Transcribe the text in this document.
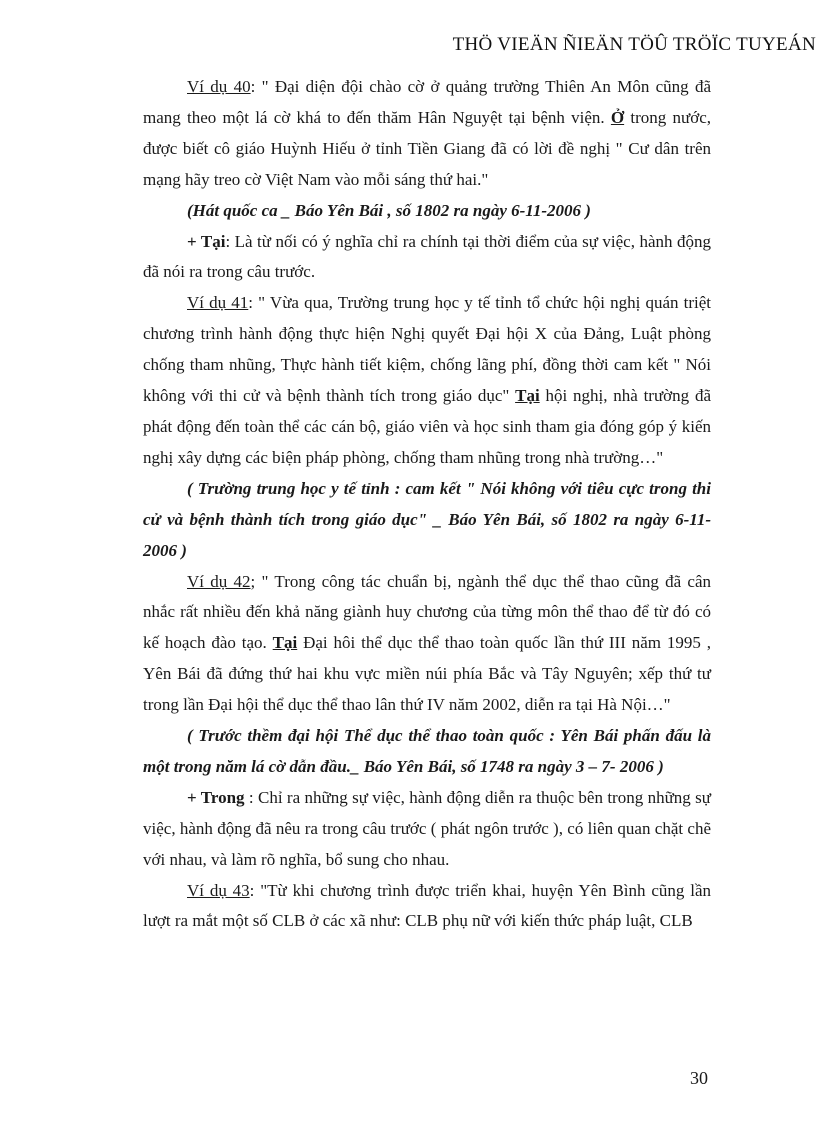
THÖ VIEÄN ÑIEÄN TÖÛ TRÖÏC TUYEÁN

Ví dụ 40: " Đại diện đội chào cờ ở quảng trường Thiên An Môn cũng đã mang theo một lá cờ khá to đến thăm Hân Nguyệt tại bệnh viện. Ở trong nước, được biết cô giáo Huỳnh Hiếu ở tỉnh Tiền Giang đã có lời đề nghị " Cư dân trên mạng hãy treo cờ Việt Nam vào mỗi sáng thứ hai."

(Hát quốc ca _ Báo Yên Bái , số 1802 ra ngày 6-11-2006 )

+ Tại: Là từ nối có ý nghĩa chỉ ra chính tại thời điểm của sự việc, hành động đã nói ra trong câu trước.

Ví dụ 41: " Vừa qua, Trường trung học y tế tỉnh tổ chức hội nghị quán triệt chương trình hành động thực hiện Nghị quyết Đại hội X của Đảng, Luật phòng chống tham nhũng, Thực hành tiết kiệm, chống lãng phí, đồng thời cam kết " Nói không với thi cử và bệnh thành tích trong giáo dục" Tại hội nghị, nhà trường đã phát động đến toàn thể các cán bộ, giáo viên và học sinh tham gia đóng góp ý kiến nghị xây dựng các biện pháp phòng, chống tham nhũng trong nhà trường…"

( Trường trung học y tế tỉnh : cam kết " Nói không với tiêu cực trong thi cử và bệnh thành tích trong giáo dục" _ Báo Yên Bái, số 1802 ra ngày 6-11-2006 )

Ví dụ 42; " Trong công tác chuẩn bị, ngành thể dục thể thao cũng đã cân nhắc rất nhiều đến khả năng giành huy chương của từng môn thể thao để từ đó có kế hoạch đào tạo. Tại Đại hôi thể dục thể thao toàn quốc lần thứ III năm 1995 , Yên Bái đã đứng thứ hai khu vực miền núi phía Bắc và Tây Nguyên; xếp thứ tư trong lần Đại hội thể dục thể thao lân thứ IV năm 2002, diễn ra tại Hà Nội…"

( Trước thềm đại hội Thể dục thể thao toàn quốc : Yên Bái phấn đấu là một trong năm lá cờ dẫn đầu._ Báo Yên Bái, số 1748 ra ngày 3 – 7- 2006 )

+ Trong : Chỉ ra những sự việc, hành động diễn ra thuộc bên trong những sự việc, hành động đã nêu ra trong câu trước ( phát ngôn trước ), có liên quan chặt chẽ với nhau, và làm rõ nghĩa, bổ sung cho nhau.

Ví dụ 43: "Từ khi chương trình được triển khai, huyện Yên Bình cũng lần lượt ra mắt một số CLB ở các xã như: CLB phụ nữ với kiến thức pháp luật, CLB

30
